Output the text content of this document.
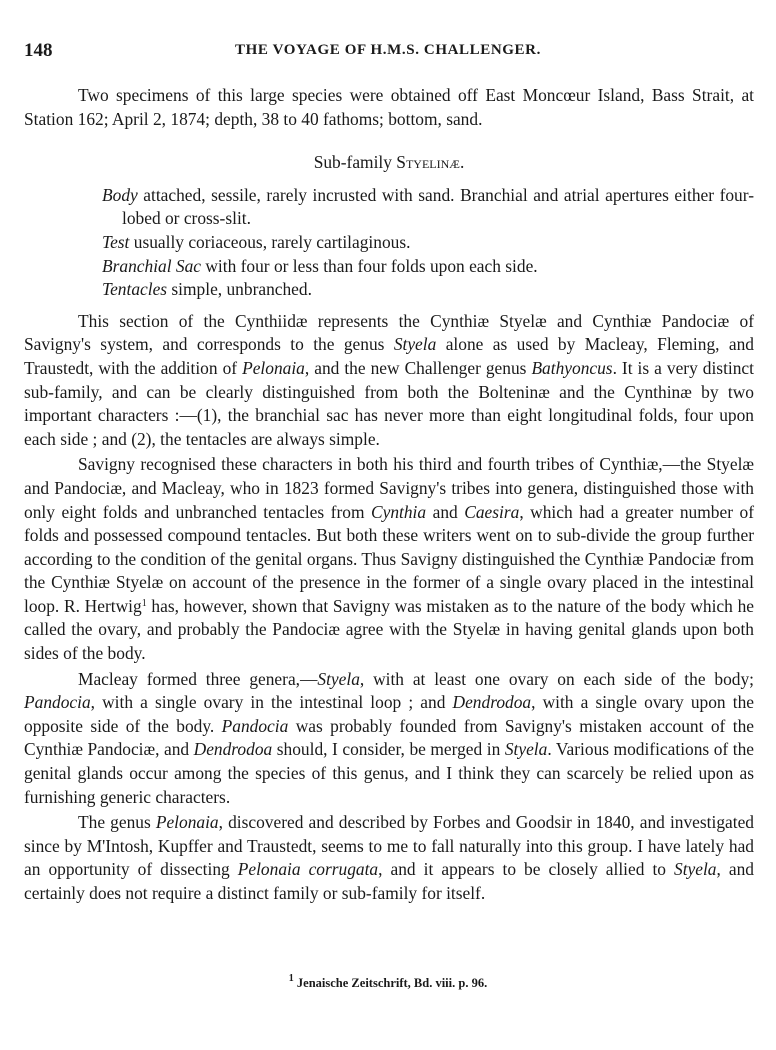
148	THE VOYAGE OF H.M.S. CHALLENGER.

Two specimens of this large species were obtained off East Moncœur Island, Bass Strait, at Station 162; April 2, 1874; depth, 38 to 40 fathoms; bottom, sand.

Sub-family Styelinæ.

Body attached, sessile, rarely incrusted with sand. Branchial and atrial apertures either four-lobed or cross-slit.

Test usually coriaceous, rarely cartilaginous.

Branchial Sac with four or less than four folds upon each side.

Tentacles simple, unbranched.

This section of the Cynthiidæ represents the Cynthiæ Styelæ and Cynthiæ Pandociæ of Savigny's system, and corresponds to the genus Styela alone as used by Macleay, Fleming, and Traustedt, with the addition of Pelonaia, and the new Challenger genus Bathyoncus. It is a very distinct sub-family, and can be clearly distinguished from both the Bolteninæ and the Cynthinæ by two important characters :—(1), the branchial sac has never more than eight longitudinal folds, four upon each side ; and (2), the tentacles are always simple.

Savigny recognised these characters in both his third and fourth tribes of Cynthiæ,—the Styelæ and Pandociæ, and Macleay, who in 1823 formed Savigny's tribes into genera, distinguished those with only eight folds and unbranched tentacles from Cynthia and Caesira, which had a greater number of folds and possessed compound tentacles. But both these writers went on to sub-divide the group further according to the condition of the genital organs. Thus Savigny distinguished the Cynthiæ Pandociæ from the Cynthiæ Styelæ on account of the presence in the former of a single ovary placed in the intestinal loop. R. Hertwig$^1$ has, however, shown that Savigny was mistaken as to the nature of the body which he called the ovary, and probably the Pandociæ agree with the Styelæ in having genital glands upon both sides of the body.

Macleay formed three genera,—Styela, with at least one ovary on each side of the body; Pandocia, with a single ovary in the intestinal loop ; and Dendrodoa, with a single ovary upon the opposite side of the body. Pandocia was probably founded from Savigny's mistaken account of the Cynthiæ Pandociæ, and Dendrodoa should, I consider, be merged in Styela. Various modifications of the genital glands occur among the species of this genus, and I think they can scarcely be relied upon as furnishing generic characters.

The genus Pelonaia, discovered and described by Forbes and Goodsir in 1840, and investigated since by M'Intosh, Kupffer and Traustedt, seems to me to fall naturally into this group. I have lately had an opportunity of dissecting Pelonaia corrugata, and it appears to be closely allied to Styela, and certainly does not require a distinct family or sub-family for itself.

$^1$ Jenaische Zeitschrift, Bd. viii. p. 96.
